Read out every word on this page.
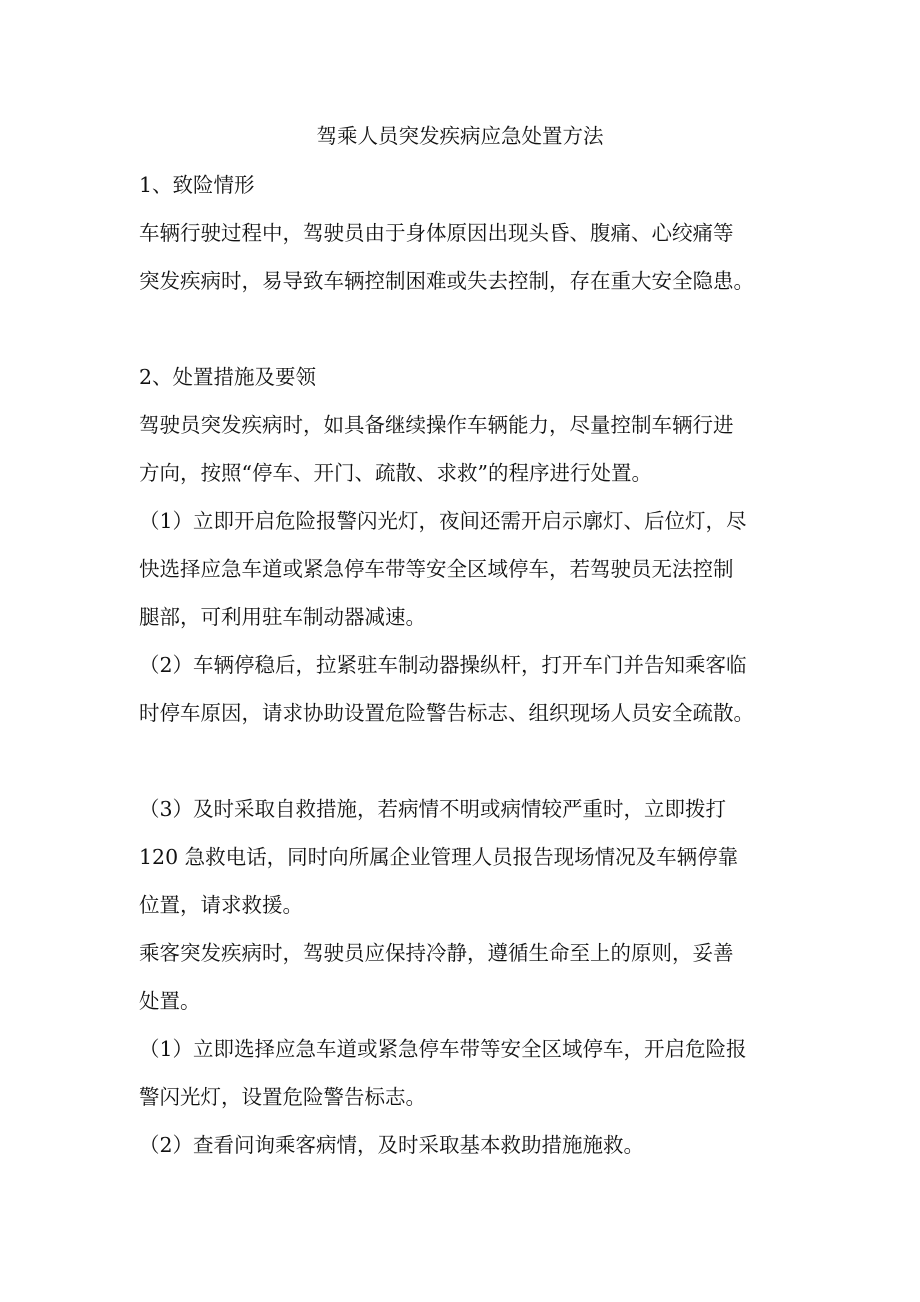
驾乘人员突发疾病应急处置方法

1、致险情形

车辆行驶过程中，驾驶员由于身体原因出现头昏、腹痛、心绞痛等

突发疾病时，易导致车辆控制困难或失去控制，存在重大安全隐患。

2、处置措施及要领

驾驶员突发疾病时，如具备继续操作车辆能力，尽量控制车辆行进

方向，按照“停车、开门、疏散、求救”的程序进行处置。

（1）立即开启危险报警闪光灯，夜间还需开启示廓灯、后位灯，尽

快选择应急车道或紧急停车带等安全区域停车，若驾驶员无法控制

腿部，可利用驻车制动器减速。

（2）车辆停稳后，拉紧驻车制动器操纵杆，打开车门并告知乘客临

时停车原因，请求协助设置危险警告标志、组织现场人员安全疏散。

（3）及时采取自救措施，若病情不明或病情较严重时，立即拨打

120 急救电话，同时向所属企业管理人员报告现场情况及车辆停靠

位置，请求救援。

乘客突发疾病时，驾驶员应保持冷静，遵循生命至上的原则，妥善

处置。

（1）立即选择应急车道或紧急停车带等安全区域停车，开启危险报

警闪光灯，设置危险警告标志。

（2）查看问询乘客病情，及时采取基本救助措施施救。
